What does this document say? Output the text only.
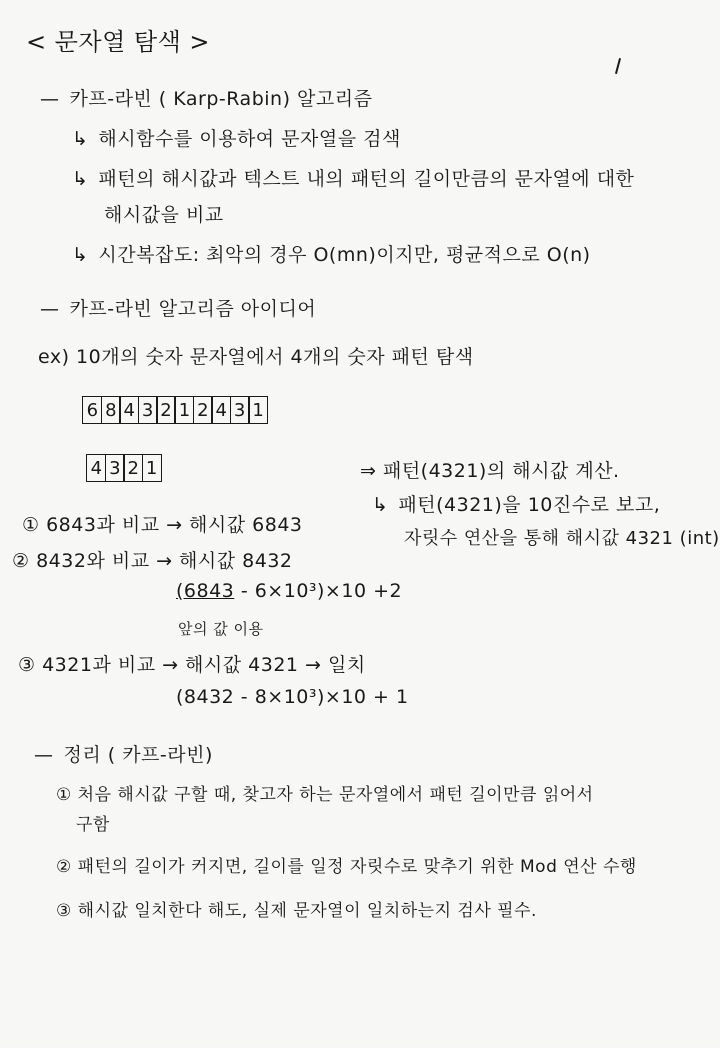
< 문자열 탐색 >
— 카프-라빈 ( Karp-Rabin) 알고리즘
↳ 해시함수를 이용하여 문자열을 검색
↳ 패턴의 해시값과 텍스트 내의 패턴의 길이만큼의 문자열에 대한
해시값을 비교
↳ 시간복잡도: 최악의 경우 O(mn)이지만, 평균적으로 O(n)
— 카프-라빈 알고리즘 아이디어
ex) 10개의 숫자 문자열에서 4개의 숫자 패턴 탐색
6 8 4 3 2 1 2 4 3 1
4 3 2 1	⇒ 패턴(4321)의 해시값 계산.
↳ 패턴(4321)을 10진수로 보고,
자릿수 연산을 통해 해시값 4321 (int)
① 6843과 비교 → 해시값 6843
② 8432와 비교 → 해시값 8432
(6843 - 6×10³)×10 +2
앞의 값 이용
③ 4321과 비교 → 해시값 4321 → 일치
(8432 - 8×10³)×10 + 1
— 정리 ( 카프-라빈)
① 처음 해시값 구할 때, 찾고자 하는 문자열에서 패턴 길이만큼 읽어서
구함
② 패턴의 길이가 커지면, 길이를 일정 자릿수로 맞추기 위한 Mod 연산 수행
③ 해시값 일치한다 해도, 실제 문자열이 일치하는지 검사 필수.
